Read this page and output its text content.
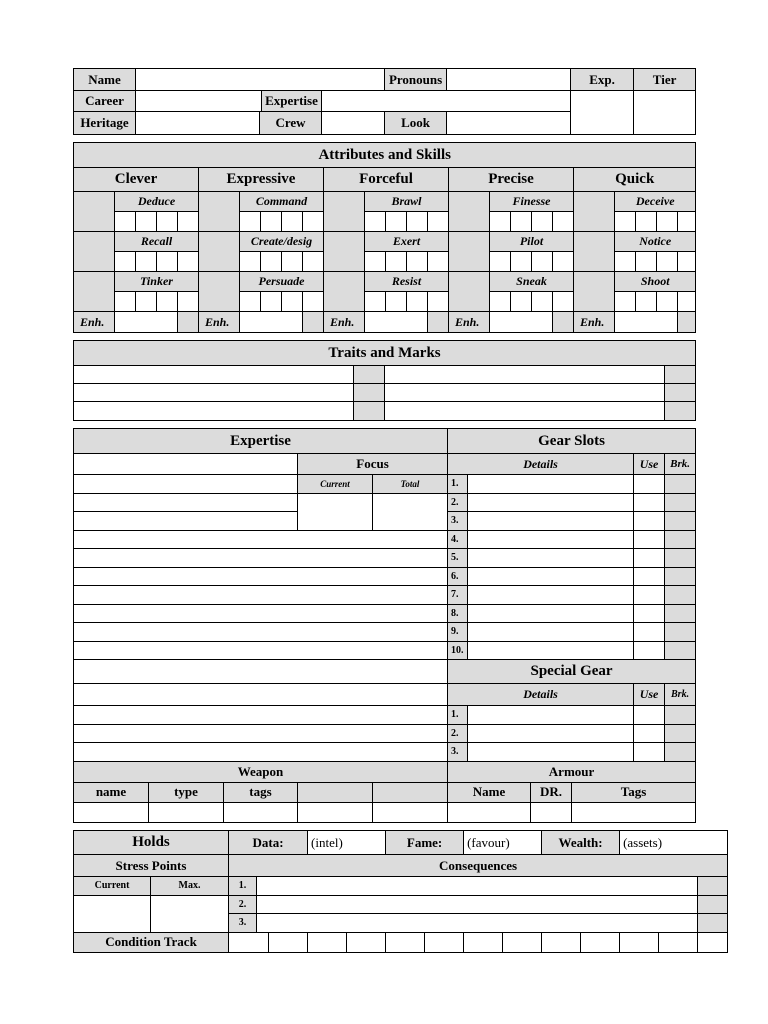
Name					Pronouns		Exp.	Tier
Career			Expertise					
Heritage		Crew			Look			
Attributes and Skills																								
Clever					Expressive					Forceful					Precise					Quick				
	Deduce					Command					Brawl					Finesse					Deceive			

	Recall					Create/desig					Exert					Pilot					Notice			

	Tinker					Persuade					Resist					Sneak					Shoot			

Enh.					Enh.					Enh.					Enh.					Enh.				
Traits and Marks			

Expertise					Gear Slots					
			Focus		Details				Use	Brk.
			Current	Total	1.					
					2.					
					3.					
					4.					
					5.					
					6.					
					7.					
					8.					
					9.					
					10.					
					Special Gear					
					Details				Use	Brk.
					1.					
					2.					
					3.					
Weapon					Armour					
name	type	tags			Name		DR.	Tags		

Holds		Data:			(intel)		Fame:		(favour)		Wealth:		(assets)		
Stress Points		Consequences													
Current	Max.	1.													
		2.													
		3.													
Condition Track															
